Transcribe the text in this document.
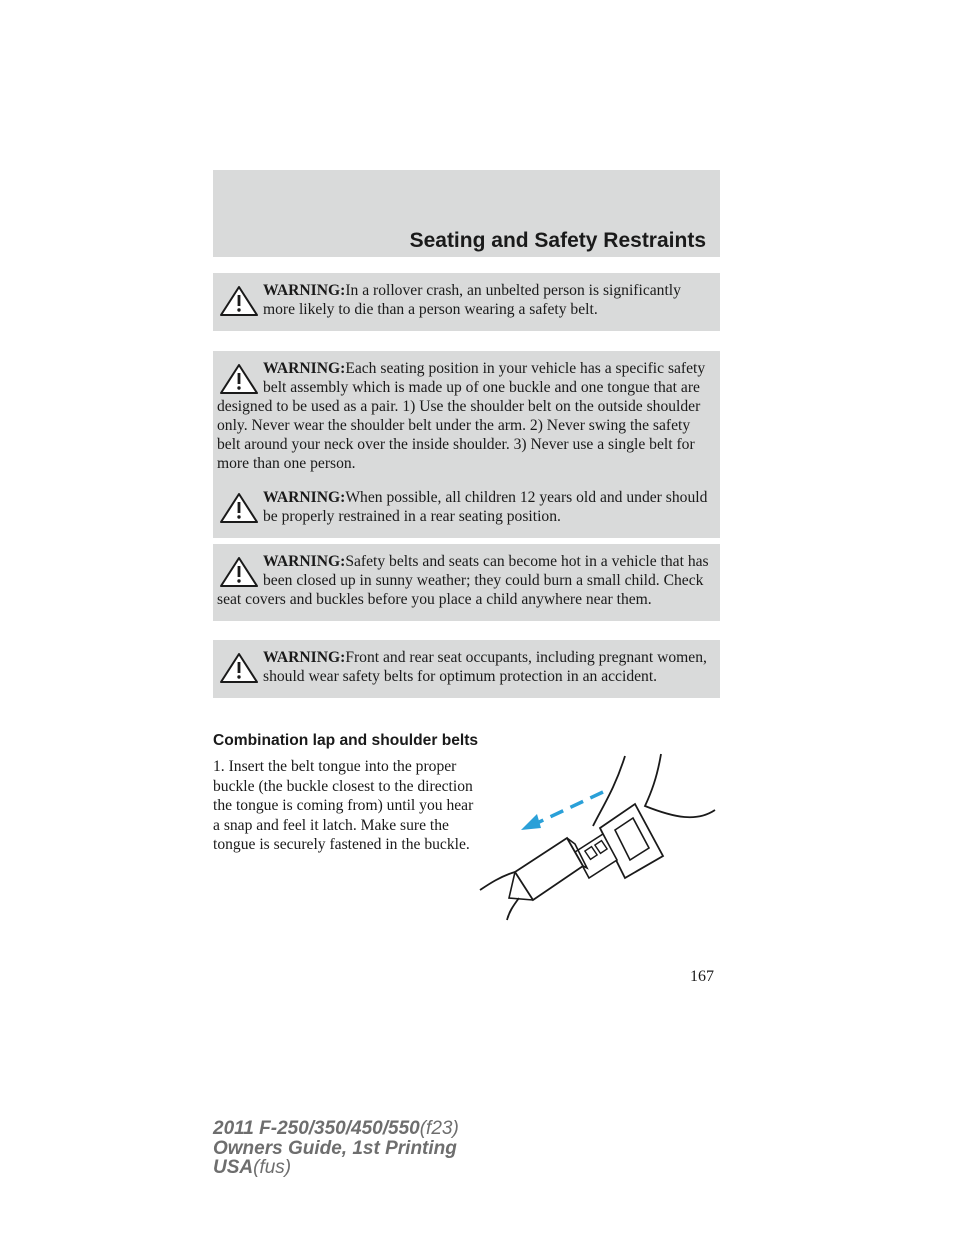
Seating and Safety Restraints
WARNING:In a rollover crash, an unbelted person is significantly more likely to die than a person wearing a safety belt.
WARNING:Each seating position in your vehicle has a specific safety belt assembly which is made up of one buckle and one tongue that are designed to be used as a pair. 1) Use the shoulder belt on the outside shoulder only. Never wear the shoulder belt under the arm. 2) Never swing the safety belt around your neck over the inside shoulder. 3) Never use a single belt for more than one person.
WARNING:When possible, all children 12 years old and under should be properly restrained in a rear seating position.
WARNING:Safety belts and seats can become hot in a vehicle that has been closed up in sunny weather; they could burn a small child. Check seat covers and buckles before you place a child anywhere near them.
WARNING:Front and rear seat occupants, including pregnant women, should wear safety belts for optimum protection in an accident.
Combination lap and shoulder belts
1. Insert the belt tongue into the proper buckle (the buckle closest to the direction the tongue is coming from) until you hear a snap and feel it latch. Make sure the tongue is securely fastened in the buckle.
167
2011 F-250/350/450/550(f23)
Owners Guide, 1st Printing
USA(fus)
